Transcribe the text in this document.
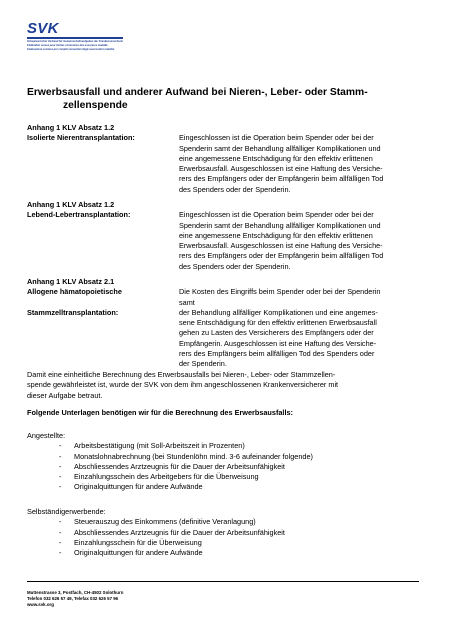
SVK
Schweizerischer Verband für Gemeinschaftsaufgaben der Krankenversicherer
Fédération suisse pour tâches communes des assureurs maladie
Federazione svizzera per compiti comunitari degli assicuratori malattia
Erwerbsausfall und anderer Aufwand bei Nieren-, Leber- oder Stamm-
zellenspende
Anhang 1 KLV Absatz 1.2
Isolierte Nierentransplantation:	Eingeschlossen ist die Operation beim Spender oder bei der
Spenderin samt der Behandlung allfälliger Komplikationen und
eine angemessene Entschädigung für den effektiv erlittenen
Erwerbsausfall. Ausgeschlossen ist eine Haftung des Versiche-
rers des Empfängers oder der Empfängerin beim allfälligen Tod
des Spenders oder der Spenderin.
Anhang 1 KLV Absatz 1.2
Lebend-Lebertransplantation:	Eingeschlossen ist die Operation beim Spender oder bei der
Spenderin samt der Behandlung allfälliger Komplikationen und
eine angemessene Entschädigung für den effektiv erlittenen
Erwerbsausfall. Ausgeschlossen ist eine Haftung des Versiche-
rers des Empfängers oder der Empfängerin beim allfälligen Tod
des Spenders oder der Spenderin.
Anhang 1 KLV Absatz 2.1
Allogene hämatopoietische
Stammzelltransplantation:
Die Kosten des Eingriffs beim Spender oder bei der Spenderin
samt
der Behandlung allfälliger Komplikationen und eine angemes-
sene Entschädigung für den effektiv erlittenen Erwerbsausfall
gehen zu Lasten des Versicherers des Empfängers oder der
Empfängerin. Ausgeschlossen ist eine Haftung des Versiche-
rers des Empfängers beim allfälligen Tod des Spenders oder
der Spenderin.
Damit eine einheitliche Berechnung des Erwerbsausfalls bei Nieren-, Leber- oder Stammzellen-
spende gewährleistet ist, wurde der SVK von dem ihm angeschlossenen Krankenversicherer mit
dieser Aufgabe betraut.
Folgende Unterlagen benötigen wir für die Berechnung des Erwerbsausfalls:
Angestellte:
- Arbeitsbestätigung (mit Soll-Arbeitszeit in Prozenten)
- Monatslohnabrechnung (bei Stundenlöhn mind. 3-6 aufeinander folgende)
- Abschliessendes Arztzeugnis für die Dauer der Arbeitsunfähigkeit
- Einzahlungsschein des Arbeitgebers für die Überweisung
- Originalquittungen für andere Aufwände
Selbständigerwerbende:
- Steuerauszug des Einkommens (definitive Veranlagung)
- Abschliessendes Arztzeugnis für die Dauer der Arbeitsunfähigkeit
- Einzahlungsschein für die Überweisung
- Originalquittungen für andere Aufwände
Muttenstrasse 3, Postfach, CH-4502 Solothurn
Telefon 032 626 57 49, Telefax 032 626 57 96
www.svk.org
